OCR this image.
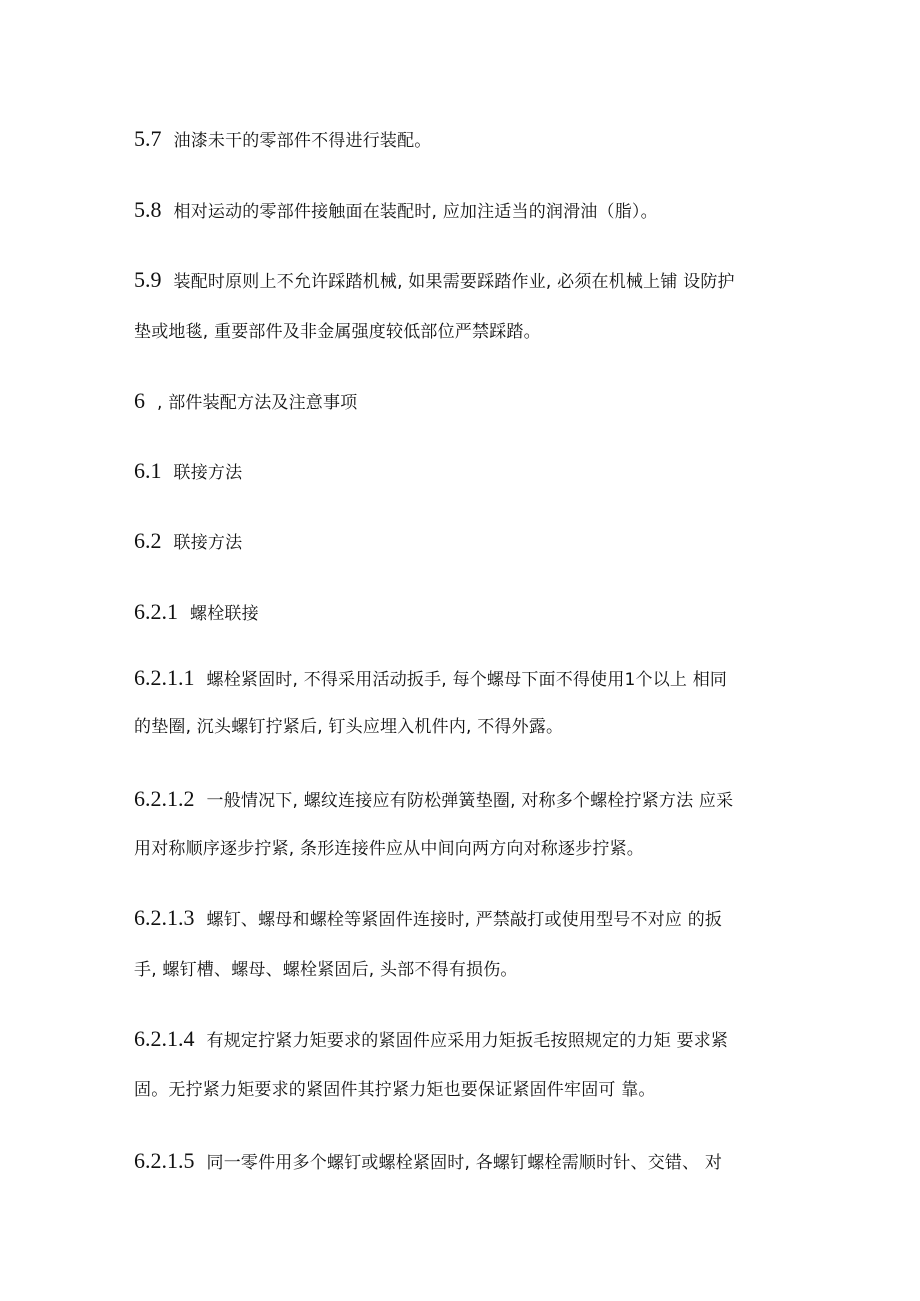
5.7 油漆未干的零部件不得进行装配。
5.8 相对运动的零部件接触面在装配时, 应加注适当的润滑油（脂）。
5.9 装配时原则上不允许踩踏机械, 如果需要踩踏作业, 必须在机械上铺 设防护
垫或地毯, 重要部件及非金属强度较低部位严禁踩踏。
6 , 部件装配方法及注意事项
6.1 联接方法
6.2 联接方法
6.2.1 螺栓联接
6.2.1.1 螺栓紧固时, 不得采用活动扳手, 每个螺母下面不得使用1个以上 相同
的垫圈, 沉头螺钉拧紧后, 钉头应埋入机件内, 不得外露。
6.2.1.2 一般情况下, 螺纹连接应有防松弹簧垫圈, 对称多个螺栓拧紧方法 应采
用对称顺序逐步拧紧, 条形连接件应从中间向两方向对称逐步拧紧。
6.2.1.3 螺钉、螺母和螺栓等紧固件连接时, 严禁敲打或使用型号不对应 的扳
手, 螺钉槽、螺母、螺栓紧固后, 头部不得有损伤。
6.2.1.4 有规定拧紧力矩要求的紧固件应采用力矩扳毛按照规定的力矩 要求紧
固。无拧紧力矩要求的紧固件其拧紧力矩也要保证紧固件牢固可 靠。
6.2.1.5 同一零件用多个螺钉或螺栓紧固时, 各螺钉螺栓需顺时针、交错、 对
